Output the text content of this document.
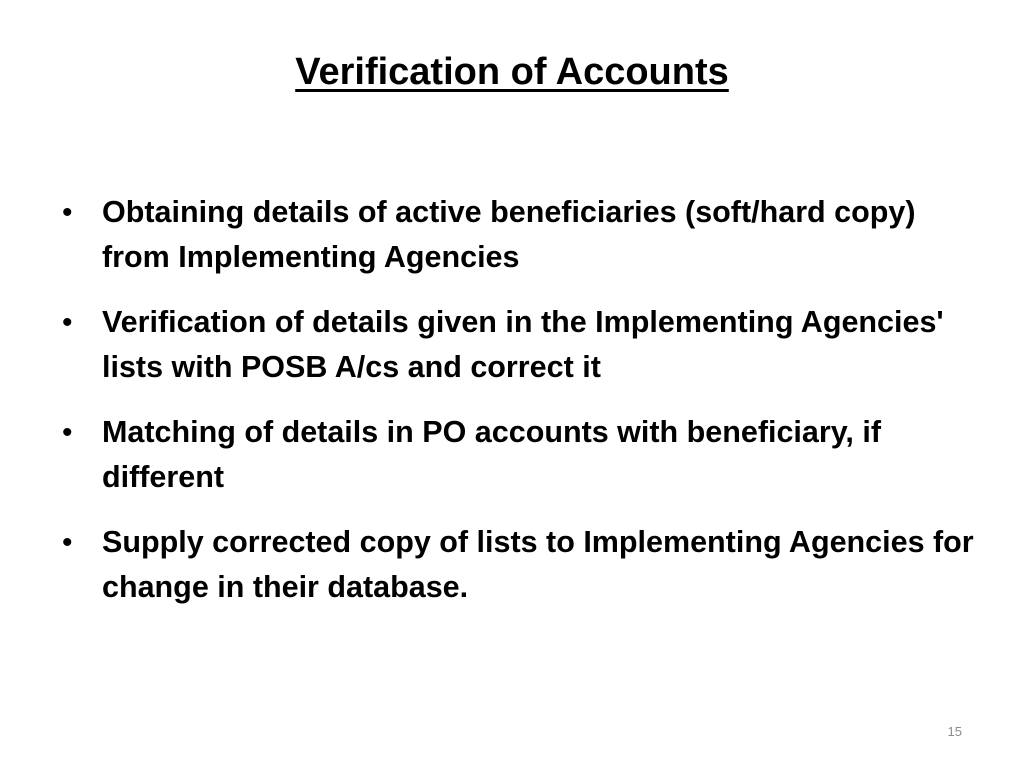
Verification of Accounts
• Obtaining details of active beneficiaries (soft/hard copy) from Implementing Agencies
• Verification of details given in the Implementing Agencies' lists with POSB A/cs and correct it
• Matching of details in PO accounts with beneficiary, if different
• Supply corrected copy of lists to Implementing Agencies for change in their database.
15
